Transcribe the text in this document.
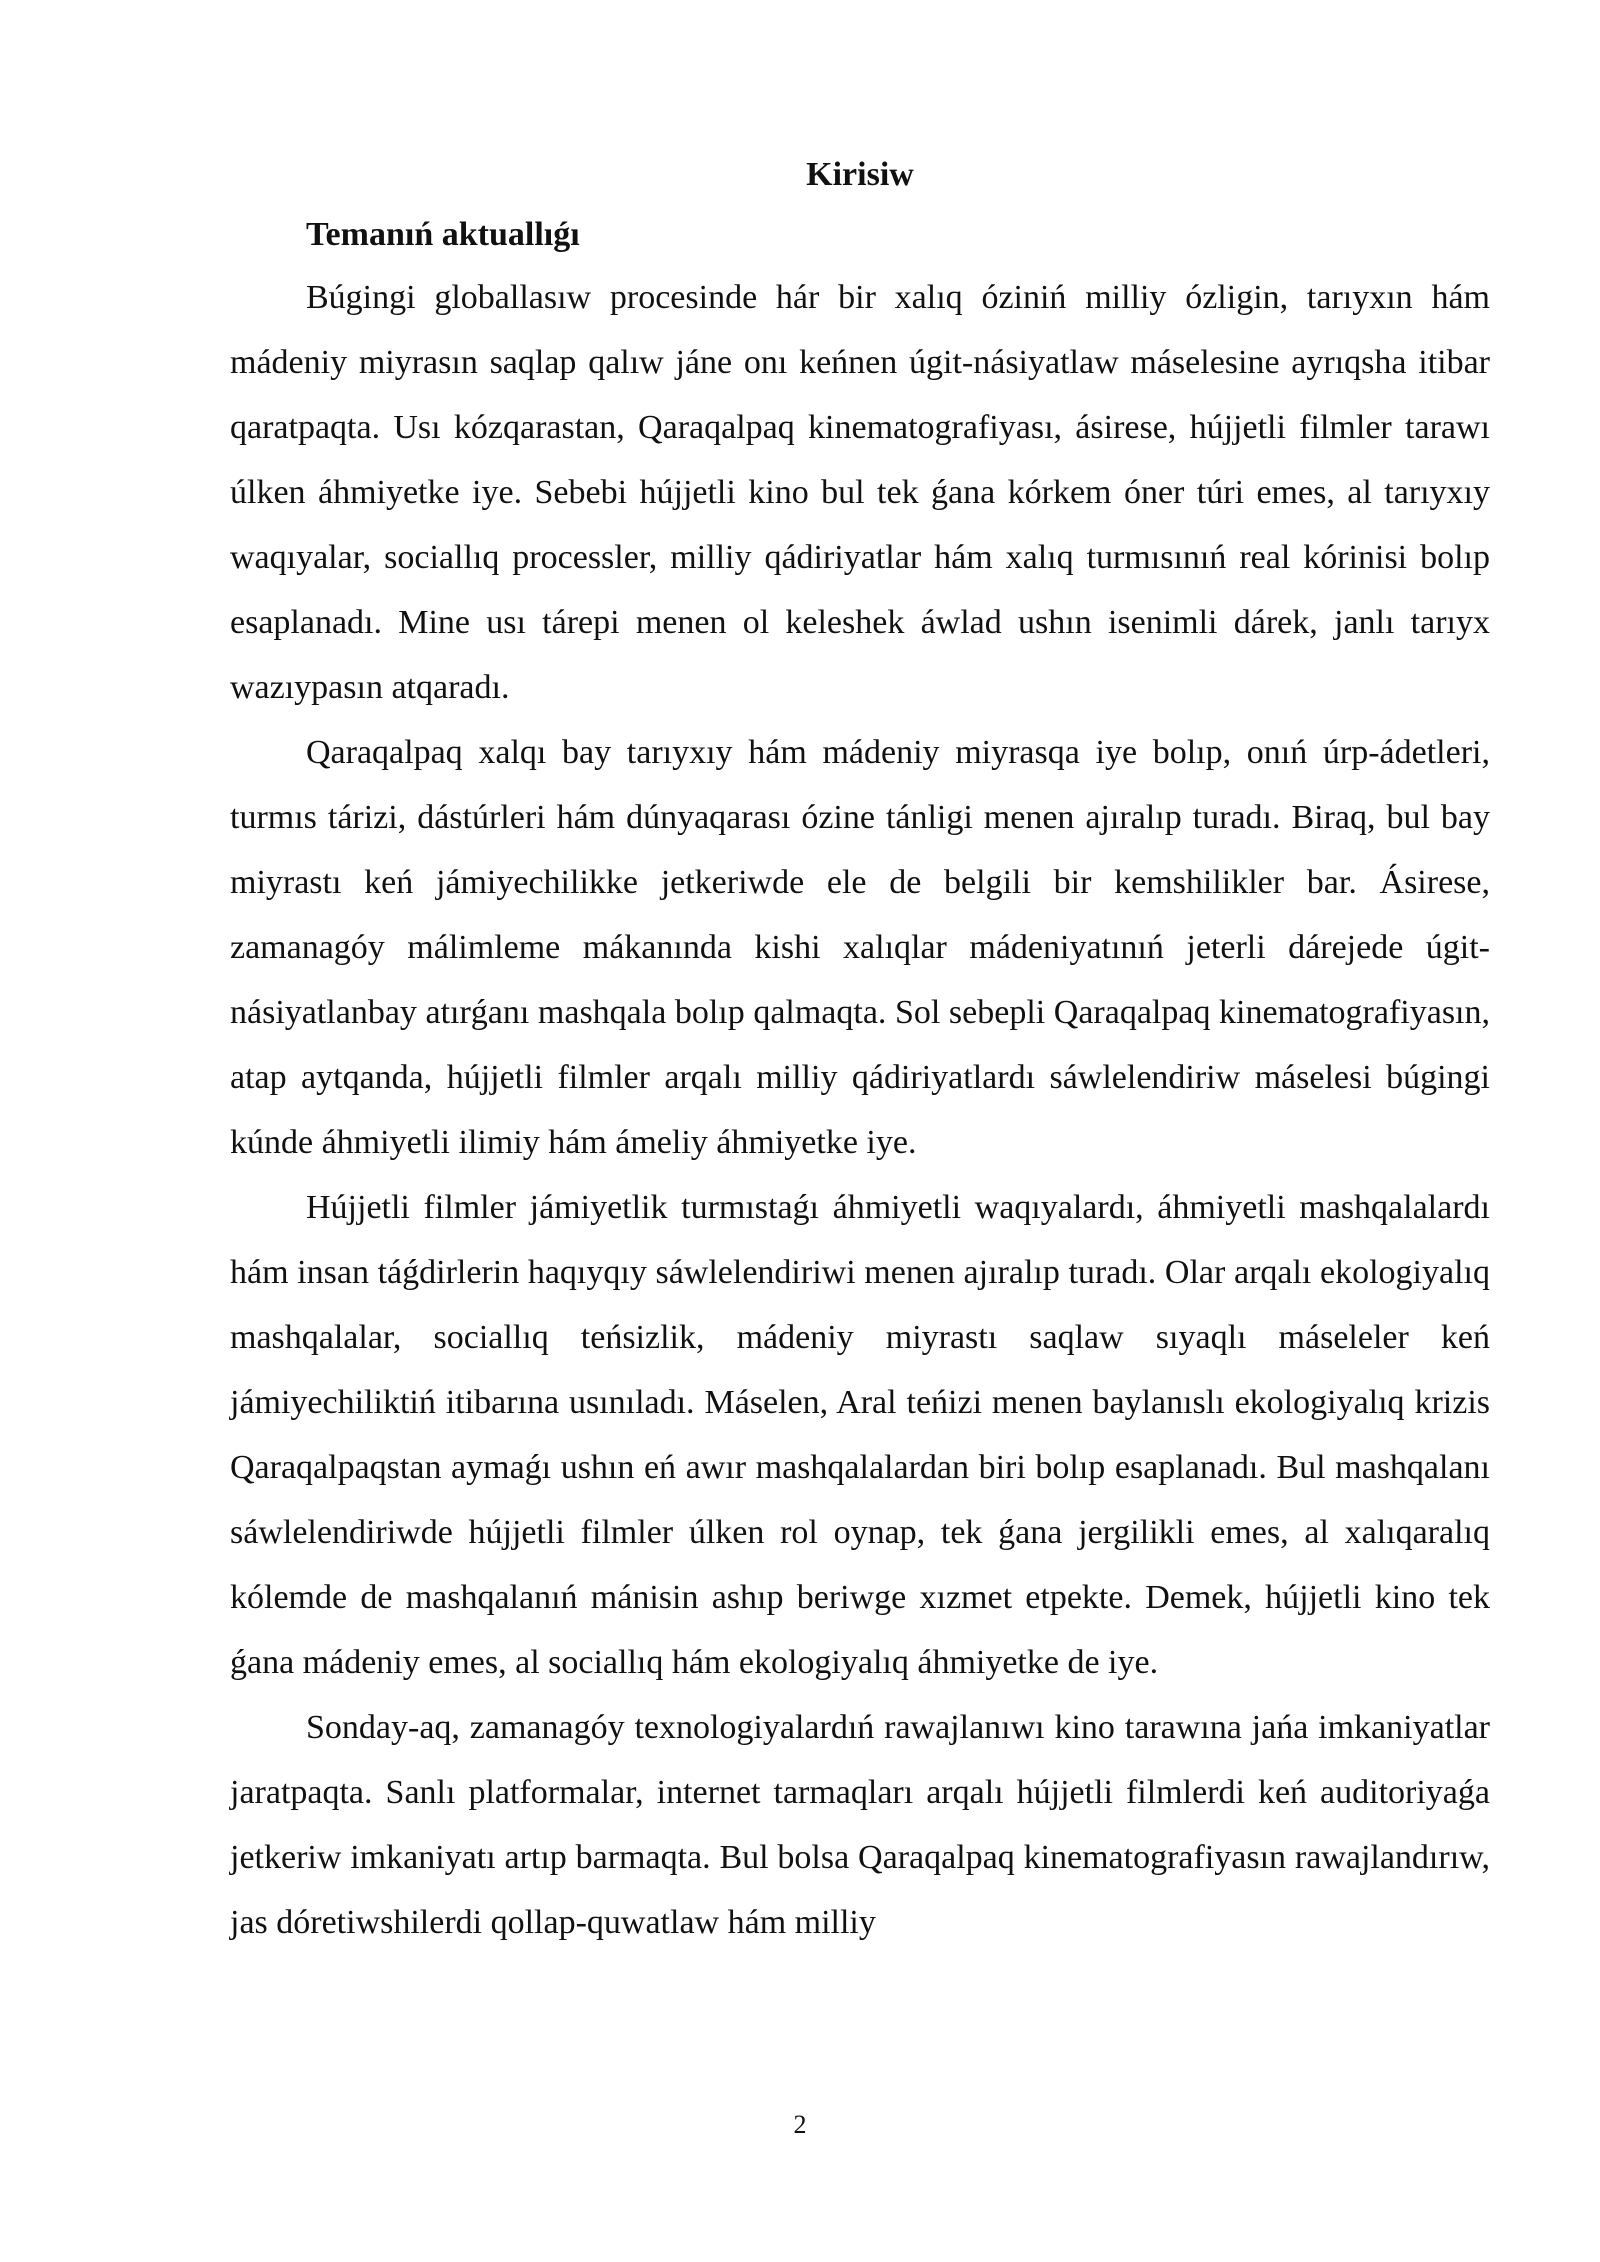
Kirisiw

Temanıń aktuallıǵı

Búgingi globallasıw procesinde hár bir xalıq óziniń milliy ózligin, tarıyxın hám mádeniy miyrasın saqlap qalıw jáne onı keńnen úgit-násiyatlaw máselesine ayrıqsha itibar qaratpaqta. Usı kózqarastan, Qaraqalpaq kinematografiyası, ásirese, hújjetli filmler tarawı úlken áhmiyetke iye. Sebebi hújjetli kino bul tek ǵana kórkem óner túri emes, al tarıyxıy waqıyalar, sociallıq processler, milliy qádiriyatlar hám xalıq turmısınıń real kórinisi bolıp esaplanadı. Mine usı tárepi menen ol keleshek áwlad ushın isenimli dárek, janlı tarıyx wazıypasın atqaradı.

Qaraqalpaq xalqı bay tarıyxıy hám mádeniy miyrasqa iye bolıp, onıń úrp-ádetleri, turmıs tárizi, dástúrleri hám dúnyaqarası ózine tánligi menen ajıralıp turadı. Biraq, bul bay miyrastı keń jámiyechilikke jetkeriwde ele de belgili bir kemshilikler bar. Ásirese, zamanagóy málimleme mákanında kishi xalıqlar mádeniyatınıń jeterli dárejede úgit-násiyatlanbay atırǵanı mashqala bolıp qalmaqta. Sol sebepli Qaraqalpaq kinematografiyasın, atap aytqanda, hújjetli filmler arqalı milliy qádiriyatlardı sáwlelendiriw máselesi búgingi kúnde áhmiyetli ilimiy hám ámeliy áhmiyetke iye.

Hújjetli filmler jámiyetlik turmıstaǵı áhmiyetli waqıyalardı, áhmiyetli mashqalalardı hám insan táǵdirlerin haqıyqıy sáwlelendiriwi menen ajıralıp turadı. Olar arqalı ekologiyalıq mashqalalar, sociallıq teńsizlik, mádeniy miyrastı saqlaw sıyaqlı máseleler keń jámiyechiliktiń itibarına usınıladı. Máselen, Aral teńizi menen baylanıslı ekologiyalıq krizis Qaraqalpaqstan aymaǵı ushın eń awır mashqalalardan biri bolıp esaplanadı. Bul mashqalanı sáwlelendiriwde hújjetli filmler úlken rol oynap, tek ǵana jergilikli emes, al xalıqaralıq kólemde de mashqalanıń mánisin ashıp beriwge xızmet etpekte. Demek, hújjetli kino tek ǵana mádeniy emes, al sociallıq hám ekologiyalıq áhmiyetke de iye.

Sonday-aq, zamanagóy texnologiyalardıń rawajlanıwı kino tarawına jańa imkaniyatlar jaratpaqta. Sanlı platformalar, internet tarmaqları arqalı hújjetli filmlerdi keń auditoriyaǵa jetkeriw imkaniyatı artıp barmaqta. Bul bolsa Qaraqalpaq kinematografiyasın rawajlandırıw, jas dóretiwshilerdi qollap-quwatlaw hám milliy

2
